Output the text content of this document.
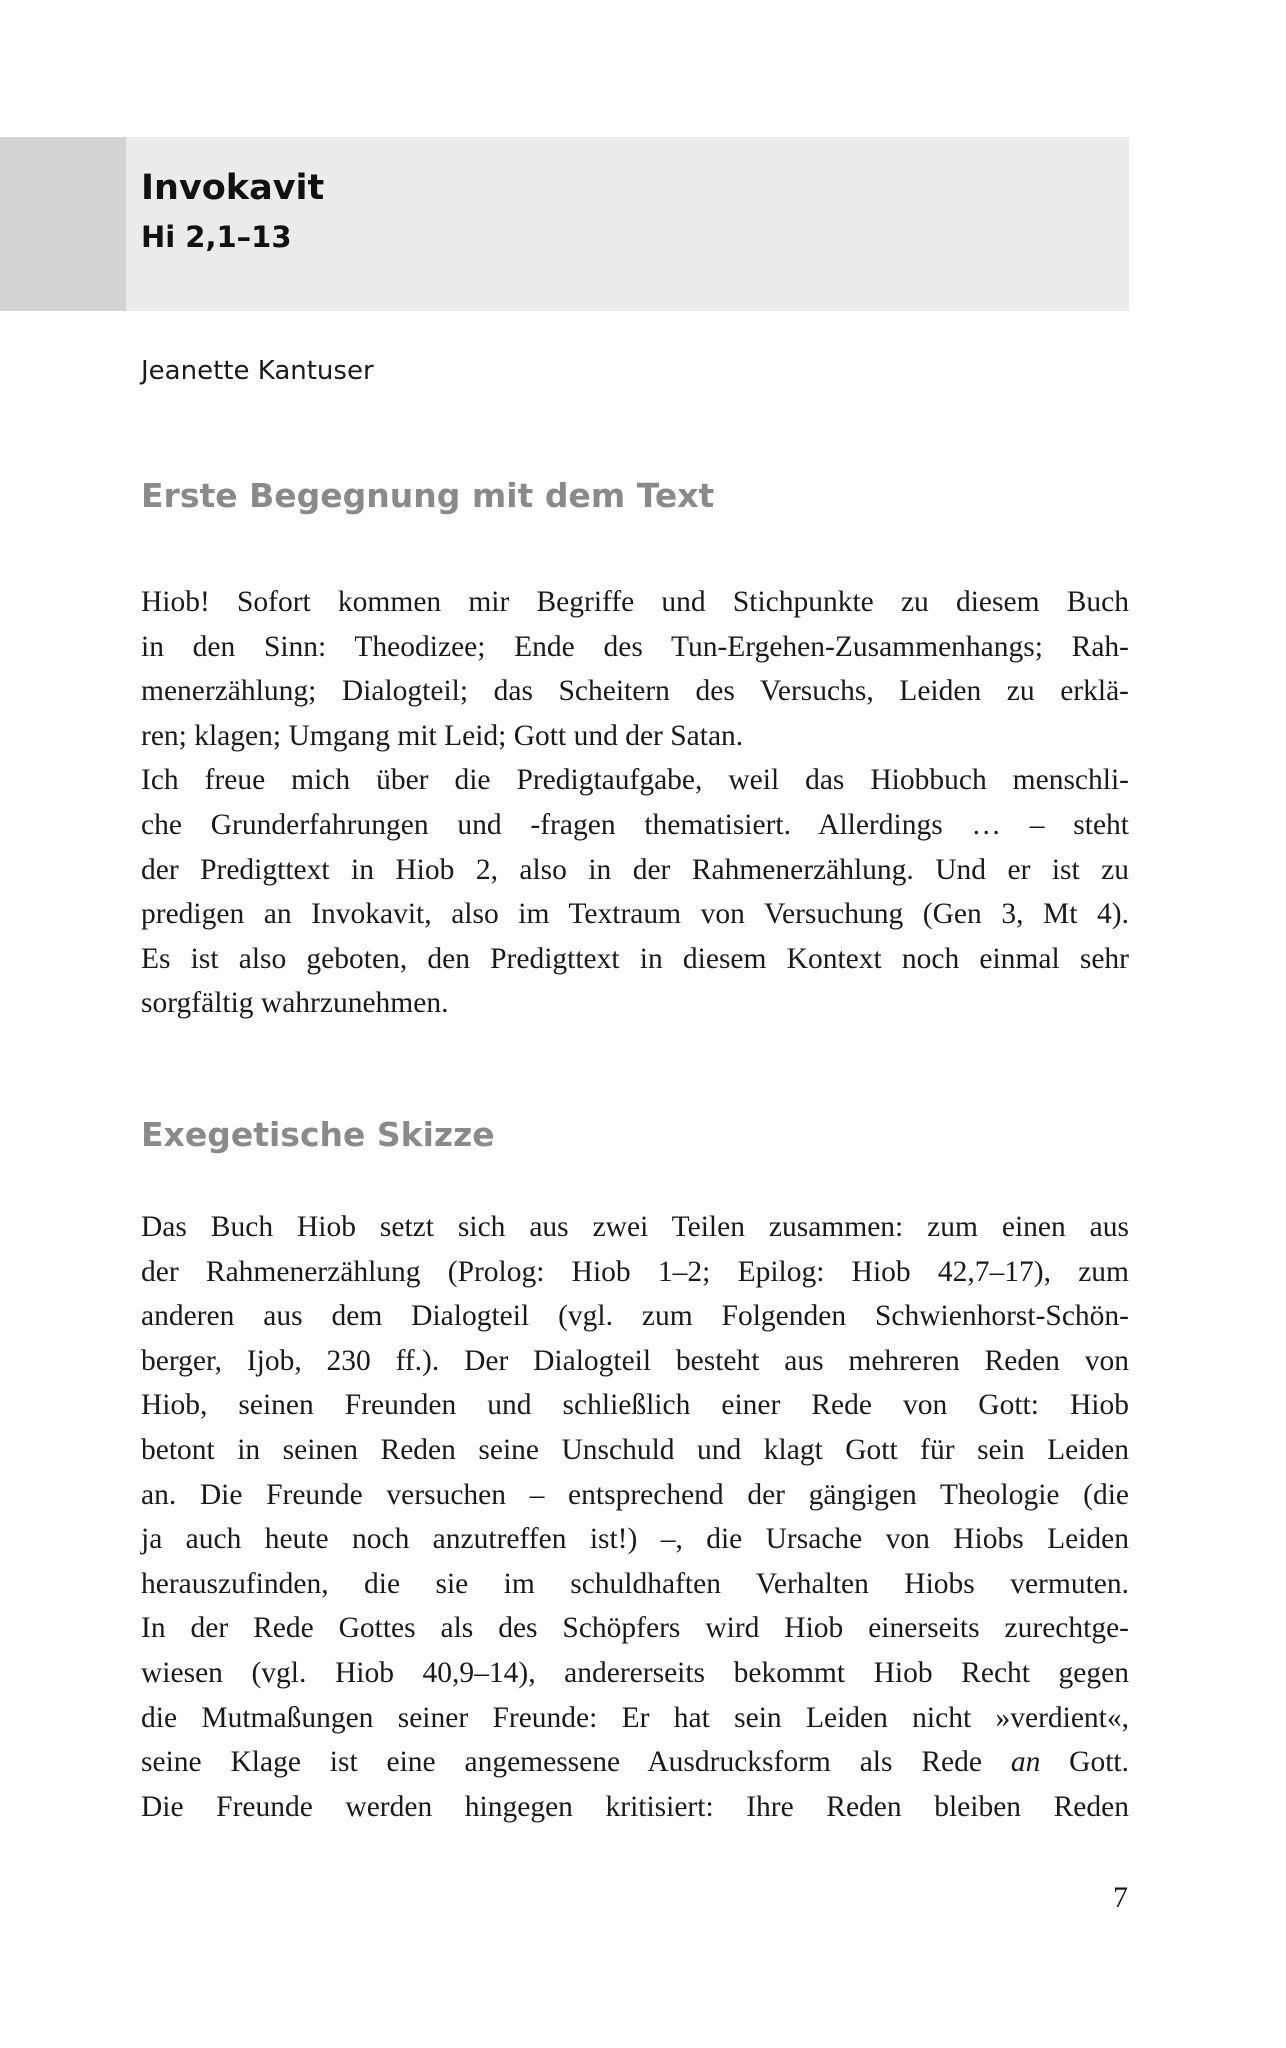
Invokavit
Hi 2,1–13
Jeanette Kantuser
Erste Begegnung mit dem Text
Hiob! Sofort kommen mir Begriffe und Stichpunkte zu diesem Buch
in den Sinn: Theodizee; Ende des Tun-Ergehen-Zusammenhangs; Rah-
menerzählung; Dialogteil; das Scheitern des Versuchs, Leiden zu erklä-
ren; klagen; Umgang mit Leid; Gott und der Satan.
Ich freue mich über die Predigtaufgabe, weil das Hiobbuch menschli-
che Grunderfahrungen und -fragen thematisiert. Allerdings … – steht
der Predigttext in Hiob 2, also in der Rahmenerzählung. Und er ist zu
predigen an Invokavit, also im Textraum von Versuchung (Gen 3, Mt 4).
Es ist also geboten, den Predigttext in diesem Kontext noch einmal sehr
sorgfältig wahrzunehmen.
Exegetische Skizze
Das Buch Hiob setzt sich aus zwei Teilen zusammen: zum einen aus
der Rahmenerzählung (Prolog: Hiob 1–2; Epilog: Hiob 42,7–17), zum
anderen aus dem Dialogteil (vgl. zum Folgenden Schwienhorst-Schön-
berger, Ijob, 230 ff.). Der Dialogteil besteht aus mehreren Reden von
Hiob, seinen Freunden und schließlich einer Rede von Gott: Hiob
betont in seinen Reden seine Unschuld und klagt Gott für sein Leiden
an. Die Freunde versuchen – entsprechend der gängigen Theologie (die
ja auch heute noch anzutreffen ist!) –, die Ursache von Hiobs Leiden
herauszufinden, die sie im schuldhaften Verhalten Hiobs vermuten.
In der Rede Gottes als des Schöpfers wird Hiob einerseits zurechtge-
wiesen (vgl. Hiob 40,9–14), andererseits bekommt Hiob Recht gegen
die Mutmaßungen seiner Freunde: Er hat sein Leiden nicht »verdient«,
seine Klage ist eine angemessene Ausdrucksform als Rede an Gott.
Die Freunde werden hingegen kritisiert: Ihre Reden bleiben Reden
7
